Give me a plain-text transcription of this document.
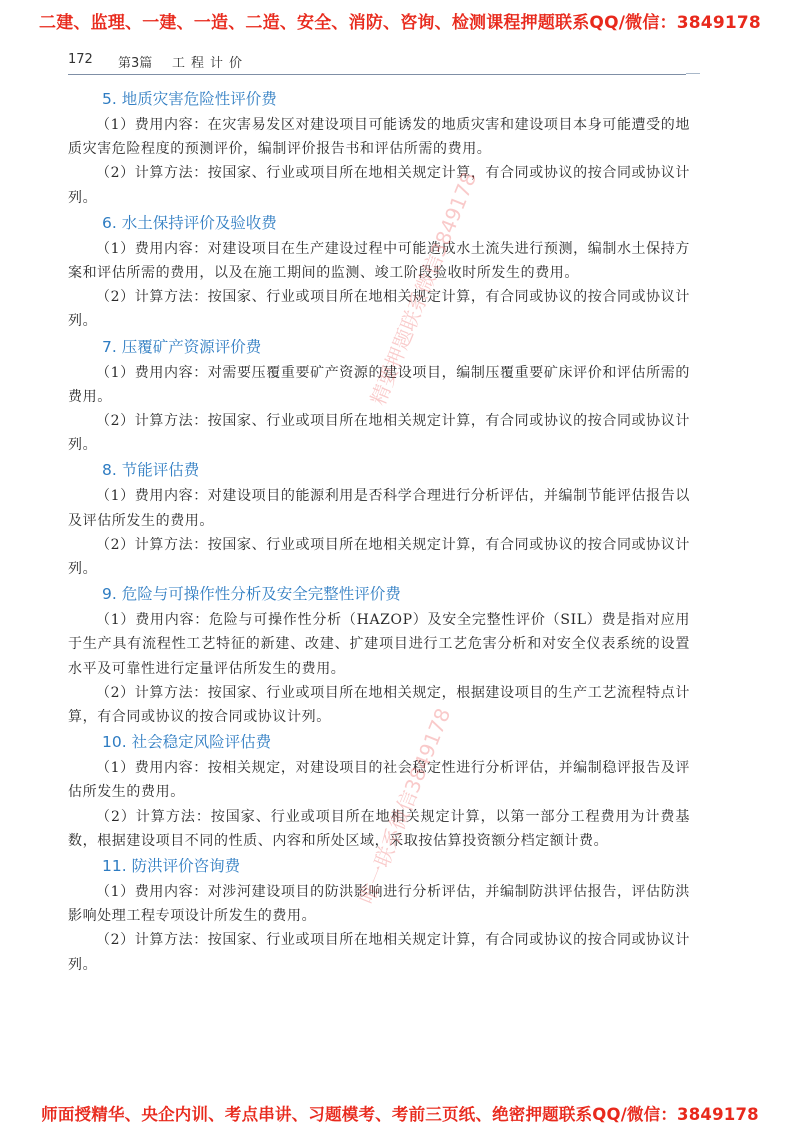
二建、监理、一建、一造、二造、安全、消防、咨询、检测课程押题联系QQ/微信：3849178
172 第3篇 工程计价
5. 地质灾害危险性评价费

（1）费用内容：在灾害易发区对建设项目可能诱发的地质灾害和建设项目本身可能遭受的地质灾害危险程度的预测评价，编制评价报告书和评估所需的费用。

（2）计算方法：按国家、行业或项目所在地相关规定计算，有合同或协议的按合同或协议计列。

6. 水土保持评价及验收费

（1）费用内容：对建设项目在生产建设过程中可能造成水土流失进行预测，编制水土保持方案和评估所需的费用，以及在施工期间的监测、竣工阶段验收时所发生的费用。

（2）计算方法：按国家、行业或项目所在地相关规定计算，有合同或协议的按合同或协议计列。

7. 压覆矿产资源评价费

（1）费用内容：对需要压覆重要矿产资源的建设项目，编制压覆重要矿床评价和评估所需的费用。

（2）计算方法：按国家、行业或项目所在地相关规定计算，有合同或协议的按合同或协议计列。

8. 节能评估费

（1）费用内容：对建设项目的能源利用是否科学合理进行分析评估，并编制节能评估报告以及评估所发生的费用。

（2）计算方法：按国家、行业或项目所在地相关规定计算，有合同或协议的按合同或协议计列。

9. 危险与可操作性分析及安全完整性评价费

（1）费用内容：危险与可操作性分析（HAZOP）及安全完整性评价（SIL）费是指对应用于生产具有流程性工艺特征的新建、改建、扩建项目进行工艺危害分析和对安全仪表系统的设置水平及可靠性进行定量评估所发生的费用。

（2）计算方法：按国家、行业或项目所在地相关规定，根据建设项目的生产工艺流程特点计算，有合同或协议的按合同或协议计列。

10. 社会稳定风险评估费

（1）费用内容：按相关规定，对建设项目的社会稳定性进行分析评估，并编制稳评报告及评估所发生的费用。

（2）计算方法：按国家、行业或项目所在地相关规定计算，以第一部分工程费用为计费基数，根据建设项目不同的性质、内容和所处区域，采取按估算投资额分档定额计费。

11. 防洪评价咨询费

（1）费用内容：对涉河建设项目的防洪影响进行分析评估，并编制防洪评估报告，评估防洪影响处理工程专项设计所发生的费用。

（2）计算方法：按国家、行业或项目所在地相关规定计算，有合同或协议的按合同或协议计列。

精要押题联系微信3849178
唯一联系微信3849178
师面授精华、央企内训、考点串讲、习题模考、考前三页纸、绝密押题联系QQ/微信：3849178
